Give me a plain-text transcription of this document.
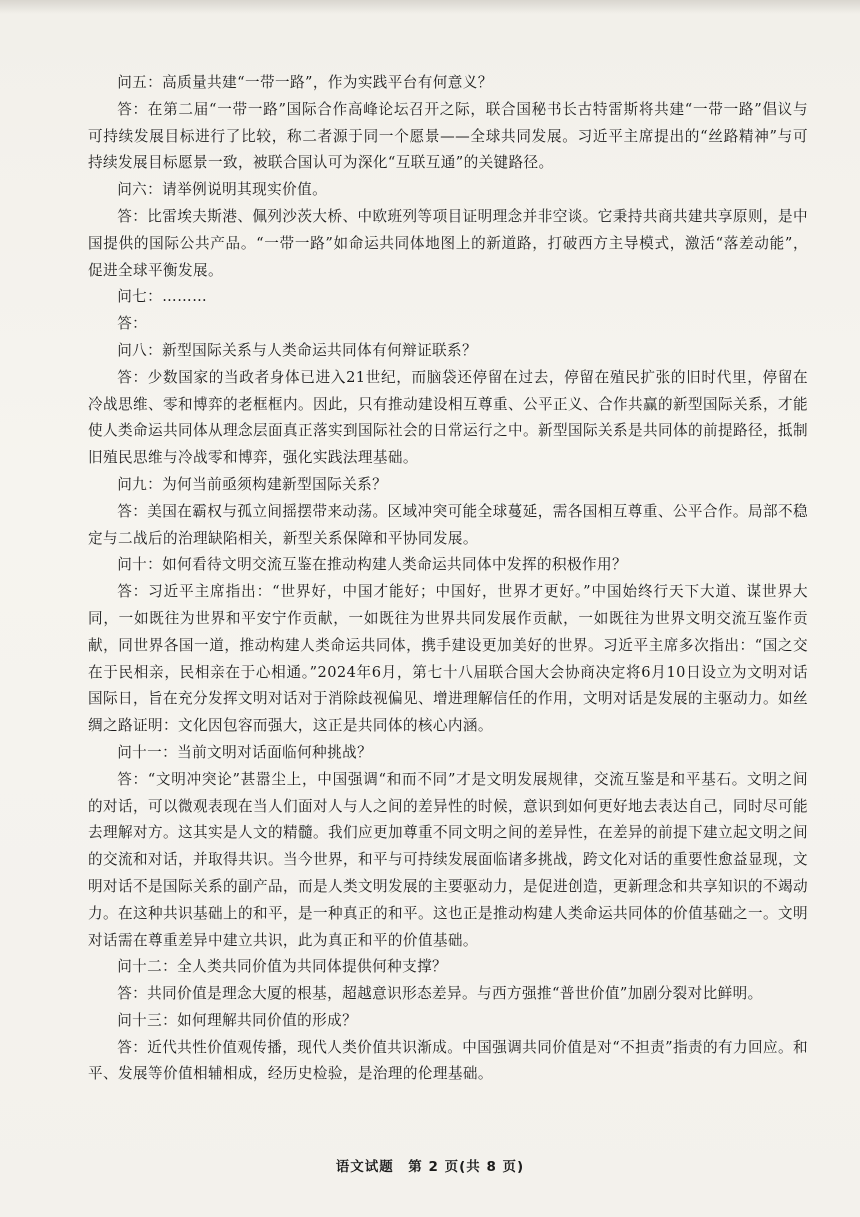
问五：高质量共建“一带一路”，作为实践平台有何意义？

答：在第二届“一带一路”国际合作高峰论坛召开之际，联合国秘书长古特雷斯将共建“一带一路”倡议与可持续发展目标进行了比较，称二者源于同一个愿景——全球共同发展。习近平主席提出的“丝路精神”与可持续发展目标愿景一致，被联合国认可为深化“互联互通”的关键路径。

问六：请举例说明其现实价值。

答：比雷埃夫斯港、佩列沙茨大桥、中欧班列等项目证明理念并非空谈。它秉持共商共建共享原则，是中国提供的国际公共产品。“一带一路”如命运共同体地图上的新道路，打破西方主导模式，激活“落差动能”，促进全球平衡发展。

问七：………

答：

问八：新型国际关系与人类命运共同体有何辩证联系？

答：少数国家的当政者身体已进入21世纪，而脑袋还停留在过去，停留在殖民扩张的旧时代里，停留在冷战思维、零和博弈的老框框内。因此，只有推动建设相互尊重、公平正义、合作共赢的新型国际关系，才能使人类命运共同体从理念层面真正落实到国际社会的日常运行之中。新型国际关系是共同体的前提路径，抵制旧殖民思维与冷战零和博弈，强化实践法理基础。

问九：为何当前亟须构建新型国际关系？

答：美国在霸权与孤立间摇摆带来动荡。区域冲突可能全球蔓延，需各国相互尊重、公平合作。局部不稳定与二战后的治理缺陷相关，新型关系保障和平协同发展。

问十：如何看待文明交流互鉴在推动构建人类命运共同体中发挥的积极作用？

答：习近平主席指出：“世界好，中国才能好；中国好，世界才更好。”中国始终行天下大道、谋世界大同，一如既往为世界和平安宁作贡献，一如既往为世界共同发展作贡献，一如既往为世界文明交流互鉴作贡献，同世界各国一道，推动构建人类命运共同体，携手建设更加美好的世界。习近平主席多次指出：“国之交在于民相亲，民相亲在于心相通。”2024年6月，第七十八届联合国大会协商决定将6月10日设立为文明对话国际日，旨在充分发挥文明对话对于消除歧视偏见、增进理解信任的作用，文明对话是发展的主驱动力。如丝绸之路证明：文化因包容而强大，这正是共同体的核心内涵。

问十一：当前文明对话面临何种挑战？

答：“文明冲突论”甚嚣尘上，中国强调“和而不同”才是文明发展规律，交流互鉴是和平基石。文明之间的对话，可以微观表现在当人们面对人与人之间的差异性的时候，意识到如何更好地去表达自己，同时尽可能去理解对方。这其实是人文的精髓。我们应更加尊重不同文明之间的差异性，在差异的前提下建立起文明之间的交流和对话，并取得共识。当今世界，和平与可持续发展面临诸多挑战，跨文化对话的重要性愈益显现，文明对话不是国际关系的副产品，而是人类文明发展的主要驱动力，是促进创造，更新理念和共享知识的不竭动力。在这种共识基础上的和平，是一种真正的和平。这也正是推动构建人类命运共同体的价值基础之一。文明对话需在尊重差异中建立共识，此为真正和平的价值基础。

问十二：全人类共同价值为共同体提供何种支撑？

答：共同价值是理念大厦的根基，超越意识形态差异。与西方强推“普世价值”加剧分裂对比鲜明。

问十三：如何理解共同价值的形成？

答：近代共性价值观传播，现代人类价值共识渐成。中国强调共同价值是对“不担责”指责的有力回应。和平、发展等价值相辅相成，经历史检验，是治理的伦理基础。

语文试题　第 2 页(共 8 页)
